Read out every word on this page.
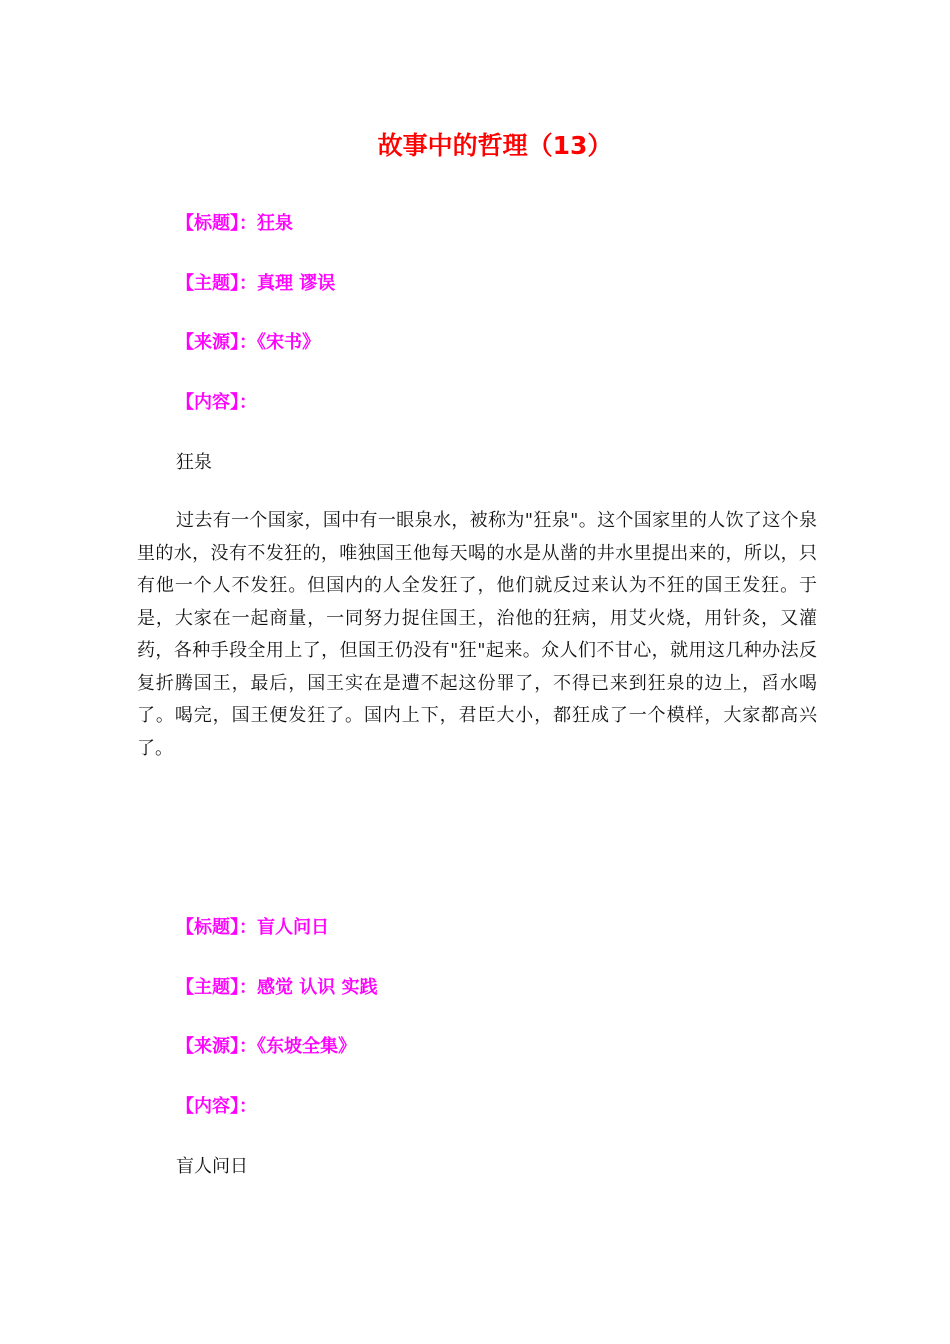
故事中的哲理（13）
【标题】：狂泉
【主题】：真理 谬误
【来源】：《宋书》
【内容】：
狂泉
过去有一个国家，国中有一眼泉水，被称为"狂泉"。这个国家里的人饮了这个泉里的水，没有不发狂的，唯独国王他每天喝的水是从凿的井水里提出来的，所以，只有他一个人不发狂。但国内的人全发狂了，他们就反过来认为不狂的国王发狂。于是，大家在一起商量，一同努力捉住国王，治他的狂病，用艾火烧，用针灸，又灌药，各种手段全用上了，但国王仍没有"狂"起来。众人们不甘心，就用这几种办法反复折腾国王，最后，国王实在是遭不起这份罪了，不得已来到狂泉的边上，舀水喝了。喝完，国王便发狂了。国内上下，君臣大小，都狂成了一个模样，大家都高兴了。
【标题】：盲人问日
【主题】：感觉 认识 实践
【来源】：《东坡全集》
【内容】：
盲人问日
